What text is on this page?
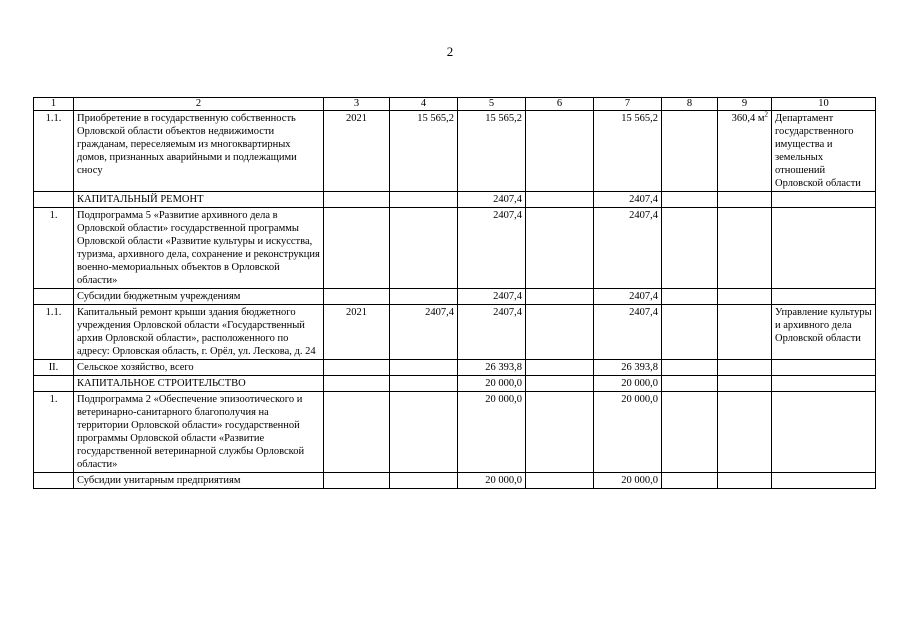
2
1	2	3	4	5	6	7	8	9	10
1.1.	Приобретение в государственную собственность Орловской области объектов недвижимости гражданам, переселяемым из многоквартирных домов, признанных аварийными и подлежащими сносу	2021	15 565,2	15 565,2		15 565,2		360,4 $м^2$	Департамент государственного имущества и земельных отношений Орловской области
	КАПИТАЛЬНЫЙ РЕМОНТ			2407,4		2407,4			
1.	Подпрограмма 5 «Развитие архивного дела в Орловской области» государственной программы Орловской области «Развитие культуры и искусства, туризма, архивного дела, сохранение и реконструкция военно-мемориальных объектов в Орловской области»			2407,4		2407,4			
	Субсидии бюджетным учреждениям			2407,4		2407,4			
1.1.	Капитальный ремонт крыши здания бюджетного учреждения Орловской области «Государственный архив Орловской области», расположенного по адресу: Орловская область, г. Орёл, ул. Лескова, д. 24	2021	2407,4	2407,4		2407,4			Управление культуры и архивного дела Орловской области
II.	Сельское хозяйство, всего			26 393,8		26 393,8			
	КАПИТАЛЬНОЕ СТРОИТЕЛЬСТВО			20 000,0		20 000,0			
1.	Подпрограмма 2 «Обеспечение эпизоотического и ветеринарно-санитарного благополучия на территории Орловской области» государственной программы Орловской области «Развитие государственной ветеринарной службы Орловской области»			20 000,0		20 000,0			
	Субсидии унитарным предприятиям			20 000,0		20 000,0			
